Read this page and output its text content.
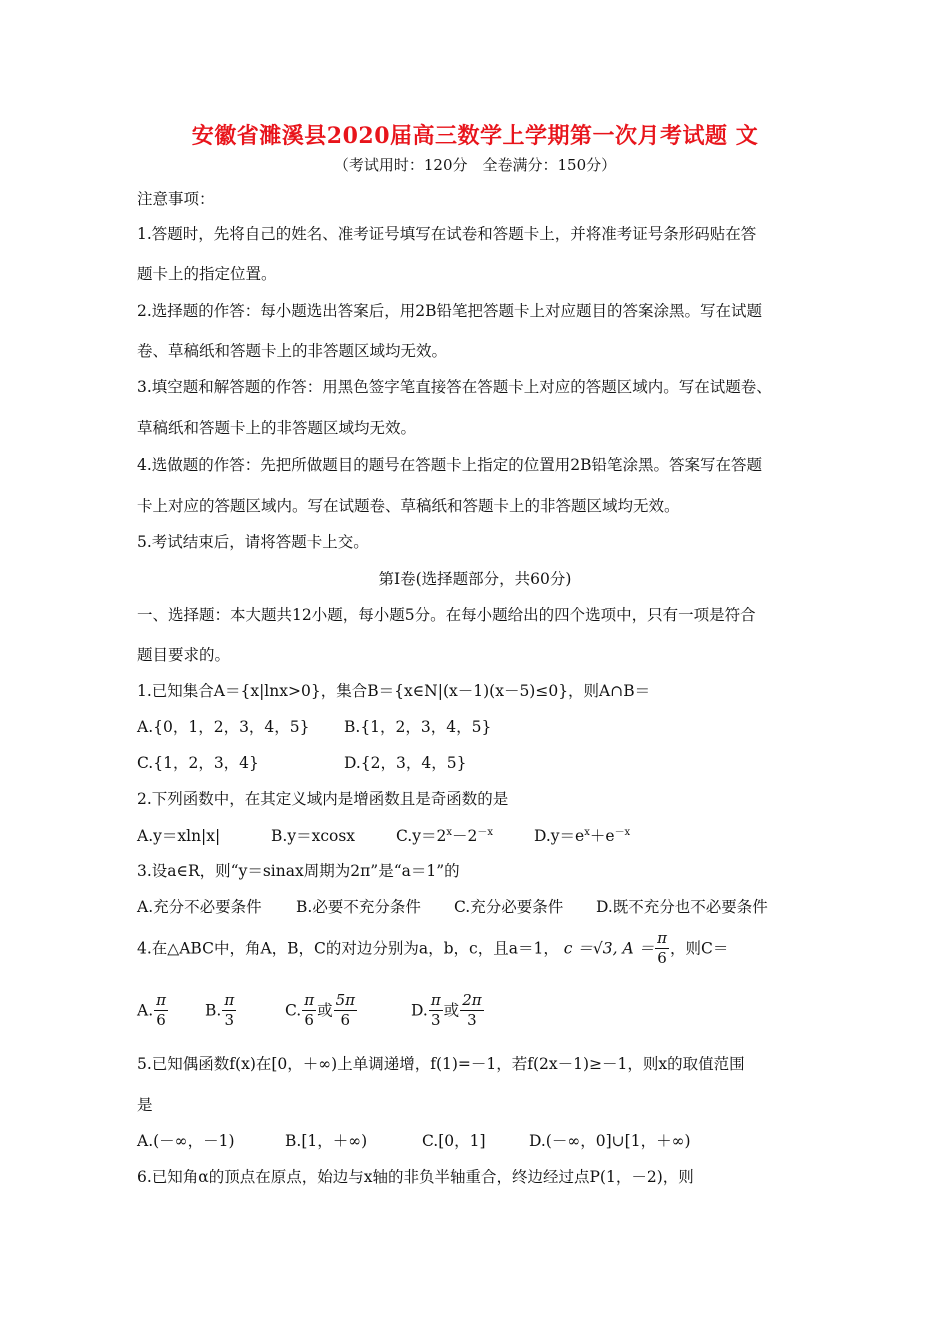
安徽省濉溪县2020届高三数学上学期第一次月考试题 文
（考试用时：120分　全卷满分：150分）
注意事项：
1.答题时，先将自己的姓名、准考证号填写在试卷和答题卡上，并将准考证号条形码贴在答
题卡上的指定位置。
2.选择题的作答：每小题选出答案后，用2B铅笔把答题卡上对应题目的答案涂黑。写在试题
卷、草稿纸和答题卡上的非答题区域均无效。
3.填空题和解答题的作答：用黑色签字笔直接答在答题卡上对应的答题区域内。写在试题卷、
草稿纸和答题卡上的非答题区域均无效。
4.选做题的作答：先把所做题目的题号在答题卡上指定的位置用2B铅笔涂黑。答案写在答题
卡上对应的答题区域内。写在试题卷、草稿纸和答题卡上的非答题区域均无效。
5.考试结束后，请将答题卡上交。
第Ⅰ卷(选择题部分，共60分)
一、选择题：本大题共12小题，每小题5分。在每小题给出的四个选项中，只有一项是符合
题目要求的。
1.已知集合A＝{x|lnx>0}，集合B＝{x∈N|(x－1)(x－5)≤0}，则A∩B＝
A.{0，1，2，3，4，5} B.{1，2，3，4，5}
C.{1，2，3，4}	D.{2，3，4，5}
2.下列函数中，在其定义域内是增函数且是奇函数的是
A.y＝xln|x|	B.y＝xcosx	$C.y=2^x-2^{-x}$	$D.y=e^x+e^{-x}$
3.设a∈R，则“y＝sinax周期为2π”是“a＝1”的
A.充分不必要条件 B.必要不充分条件 C.充分必要条件 D.既不充分也不必要条件
4.在△ABC中，角A，B，C的对边分别为a，b，c，且a＝1， c ＝√3, $A = \frac{\pi}{6}$ ，则C＝
A. $\frac{\pi}{6} B$. $\frac{\pi}{3}$	C. $\frac{\pi}{6}$ 或 $\frac{5\pi}{6}$	D. $\frac{\pi}{3}$ 或 $\frac{2\pi}{3}$
5.已知偶函数f(x)在[0，＋∞)上单调递增，f(1)=－1，若f(2x－1)≥－1，则x的取值范围
是
A.(－∞，－1)	B.[1，＋∞)	C.[0，1]	D.(－∞，0]∪[1，＋∞)
6.已知角α的顶点在原点，始边与x轴的非负半轴重合，终边经过点P(1，－2)，则
